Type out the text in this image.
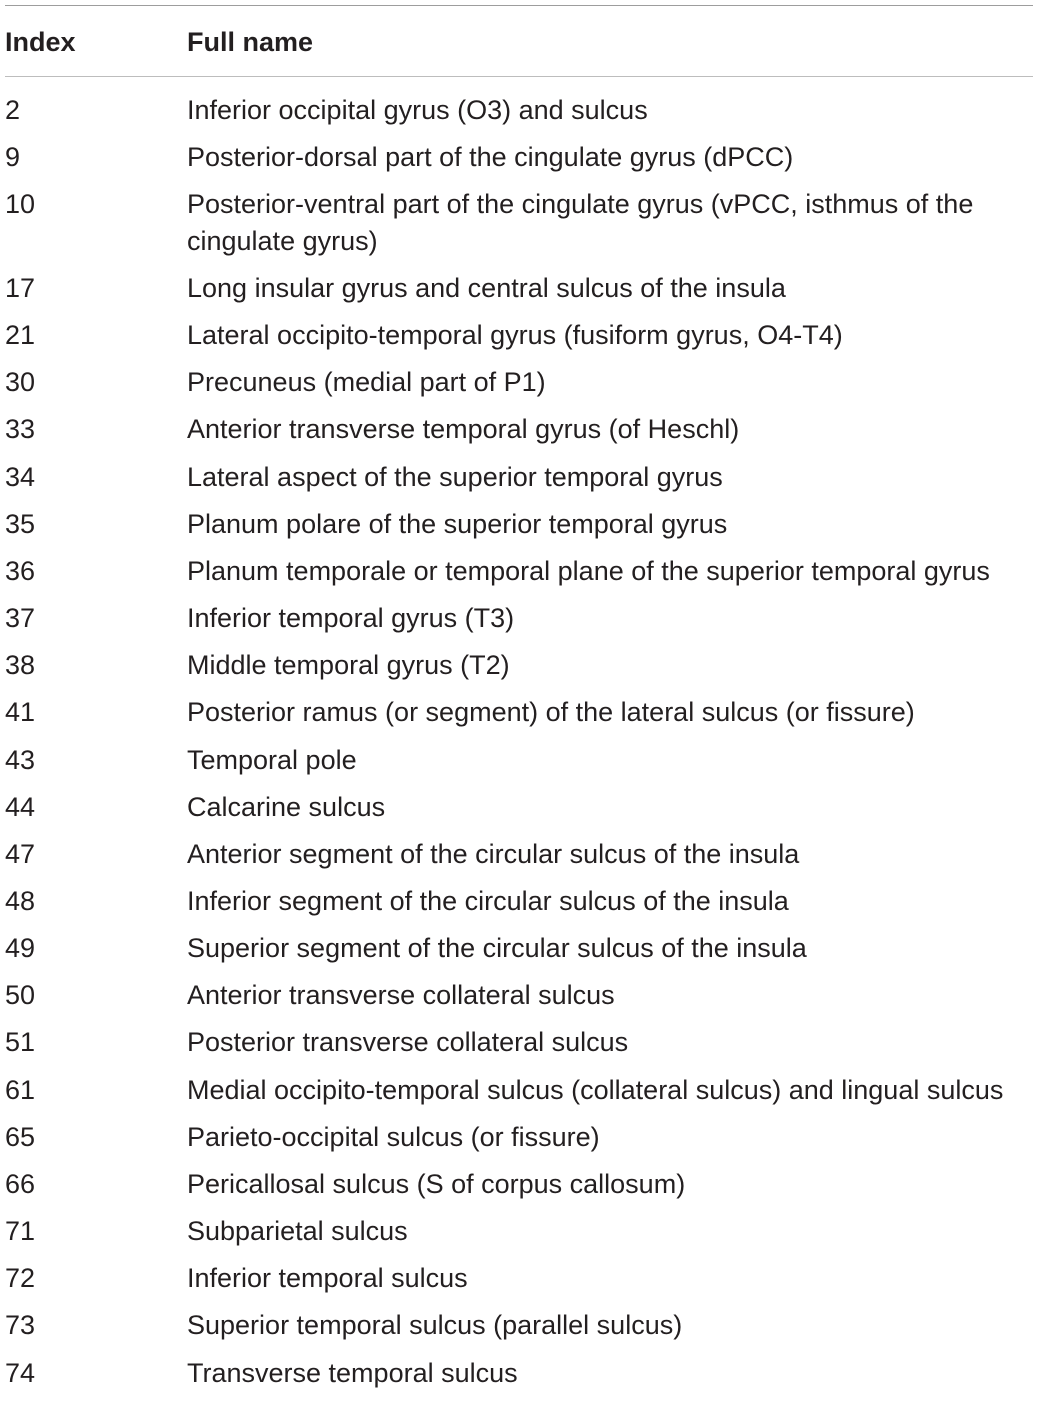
Index	Full name
2	Inferior occipital gyrus (O3) and sulcus
9	Posterior-dorsal part of the cingulate gyrus (dPCC)
10	Posterior-ventral part of the cingulate gyrus (vPCC, isthmus of the cingulate gyrus)
17	Long insular gyrus and central sulcus of the insula
21	Lateral occipito-temporal gyrus (fusiform gyrus, O4-T4)
30	Precuneus (medial part of P1)
33	Anterior transverse temporal gyrus (of Heschl)
34	Lateral aspect of the superior temporal gyrus
35	Planum polare of the superior temporal gyrus
36	Planum temporale or temporal plane of the superior temporal gyrus
37	Inferior temporal gyrus (T3)
38	Middle temporal gyrus (T2)
41	Posterior ramus (or segment) of the lateral sulcus (or fissure)
43	Temporal pole
44	Calcarine sulcus
47	Anterior segment of the circular sulcus of the insula
48	Inferior segment of the circular sulcus of the insula
49	Superior segment of the circular sulcus of the insula
50	Anterior transverse collateral sulcus
51	Posterior transverse collateral sulcus
61	Medial occipito-temporal sulcus (collateral sulcus) and lingual sulcus
65	Parieto-occipital sulcus (or fissure)
66	Pericallosal sulcus (S of corpus callosum)
71	Subparietal sulcus
72	Inferior temporal sulcus
73	Superior temporal sulcus (parallel sulcus)
74	Transverse temporal sulcus
